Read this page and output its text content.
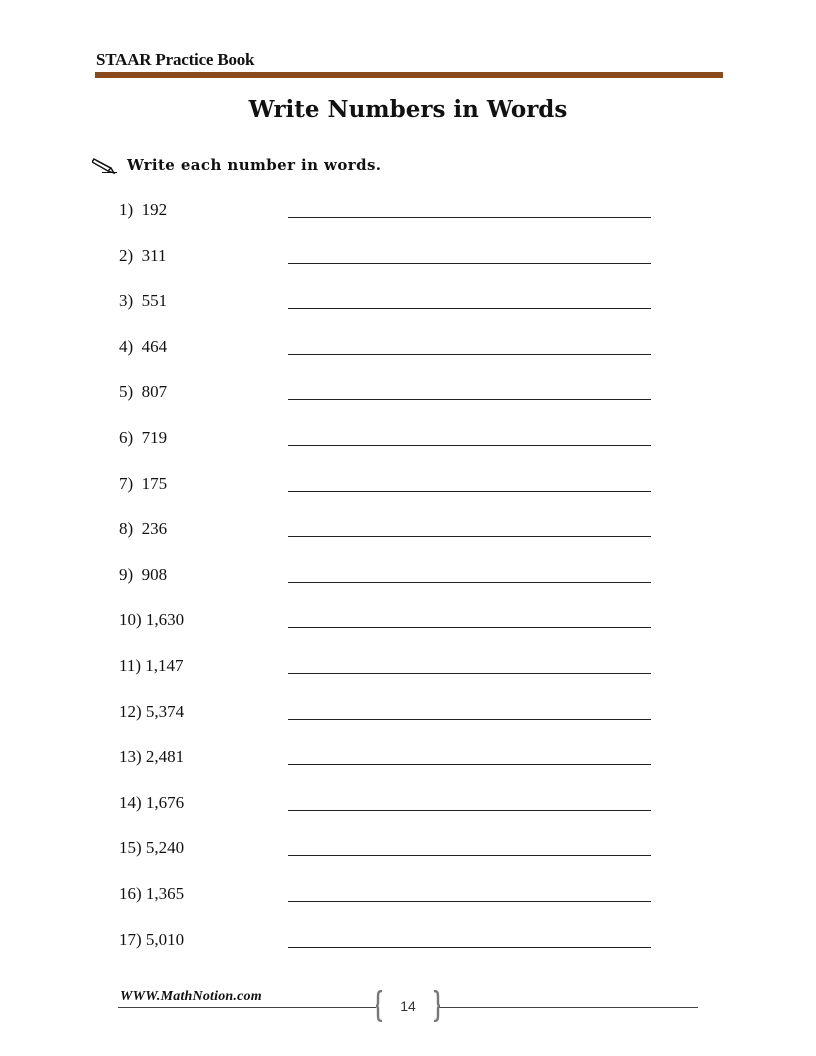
STAAR Practice Book
Write Numbers in Words
Write each number in words.
1)  192
2)  311
3)  551
4)  464
5)  807
6)  719
7)  175
8)  236
9)  908
10) 1,630
11) 1,147
12) 5,374
13) 2,481
14) 1,676
15) 5,240
16) 1,365
17) 5,010
WWW.MathNotion.com
14
